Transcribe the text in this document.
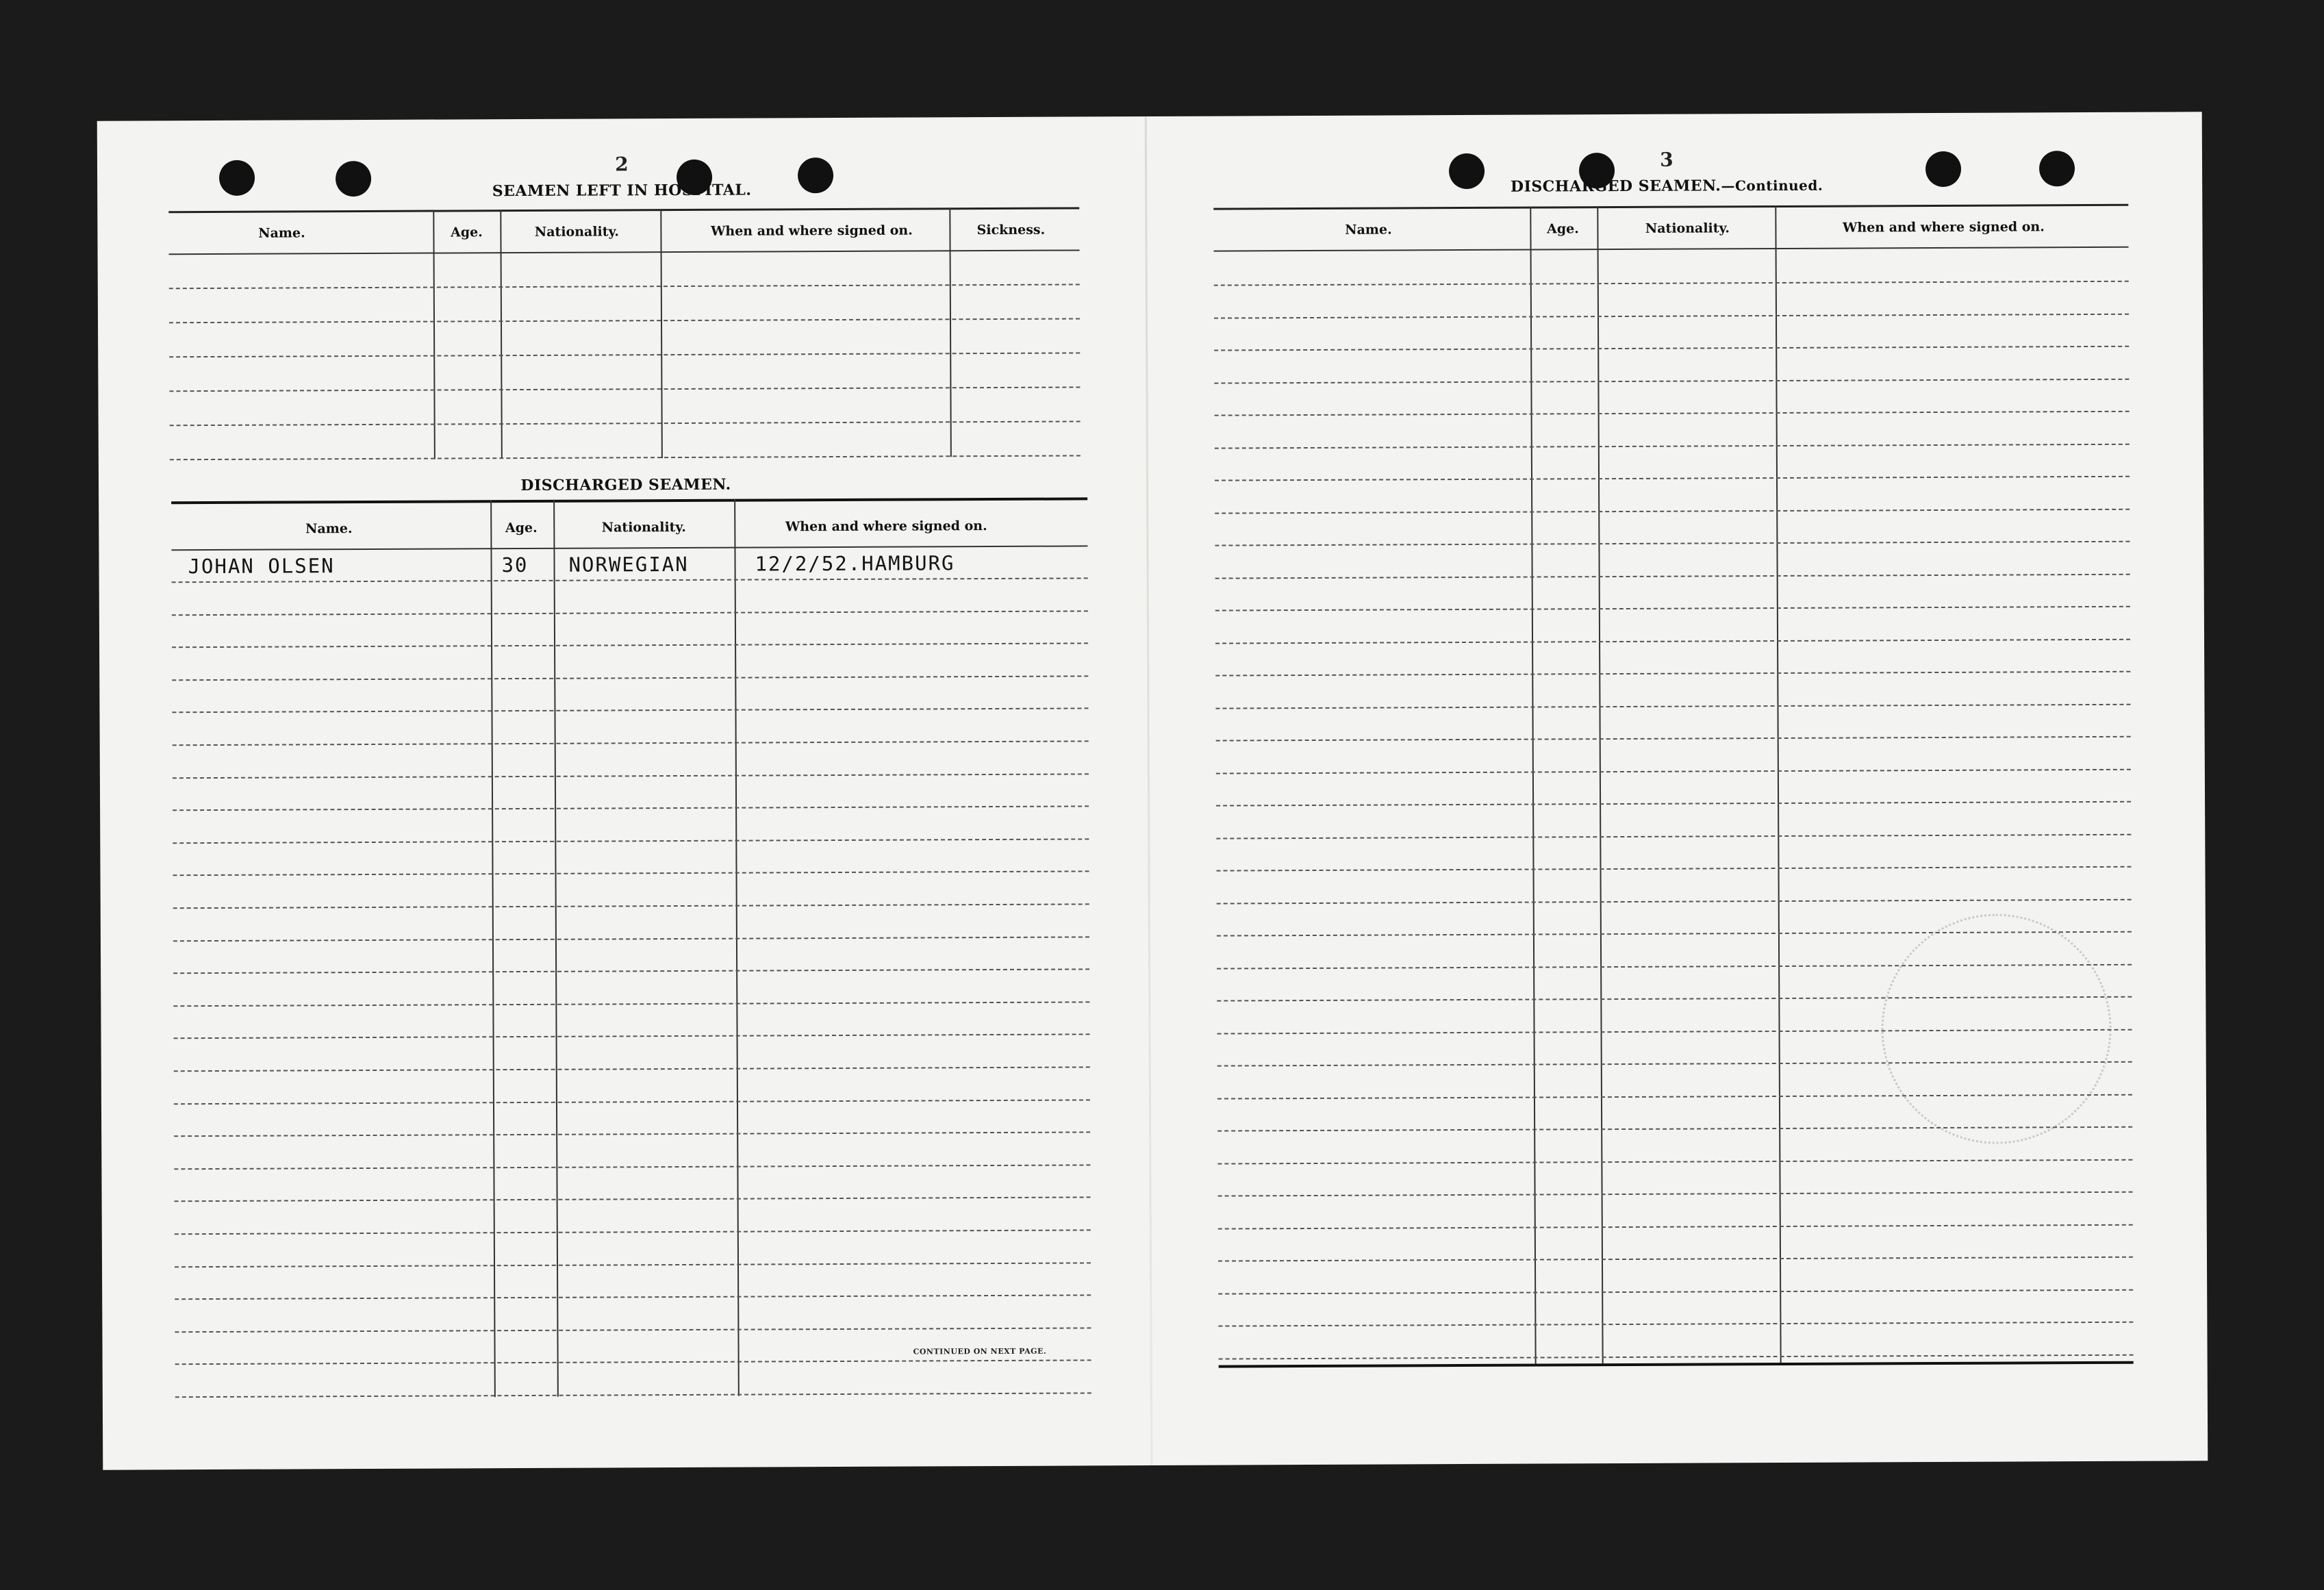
2
SEAMEN LEFT IN HOSPITAL.
Name.	Age.	Nationality.	When and where signed on.	Sickness.
DISCHARGED SEAMEN.
Name.	Age.	Nationality.	When and where signed on.
JOHAN OLSEN	30 NORWEGIAN	12/2/52.HAMBURG
CONTINUED ON NEXT PAGE.
3
DISCHARGED SEAMEN.—Continued.
Name.	Age.	Nationality.	When and where signed on.
